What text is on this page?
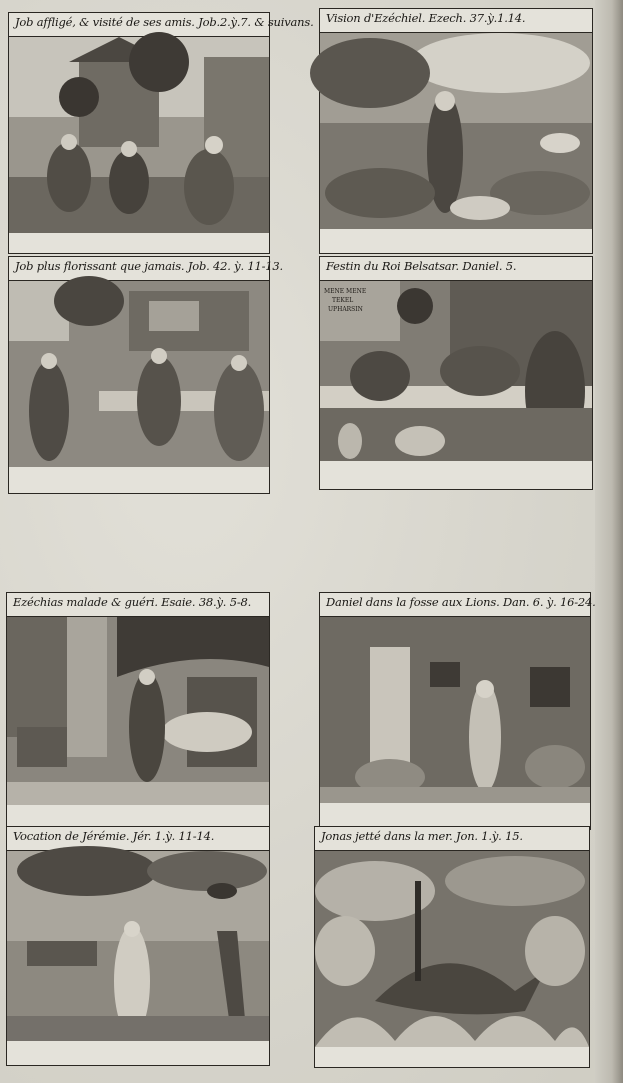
Job affligé, & visité de ses amis. Job.2.ỳ.7. & suivans.	Vision d'Ezéchiel. Ezech. 37.ỳ.1.14.
Job plus florissant que jamais. Job. 42. ỳ. 11-13.	Festin du Roi Belsatsar. Daniel. 5.
MENE MENE
TEKEL
UPHARSIN
Ezéchias malade & guéri. Esaie. 38.ỳ. 5-8.	Daniel dans la fosse aux Lions. Dan. 6. ỳ. 16-24.
Vocation de Jérémie. Jér. 1.ỳ. 11-14.	Jonas jetté dans la mer. Jon. 1.ỳ. 15.
